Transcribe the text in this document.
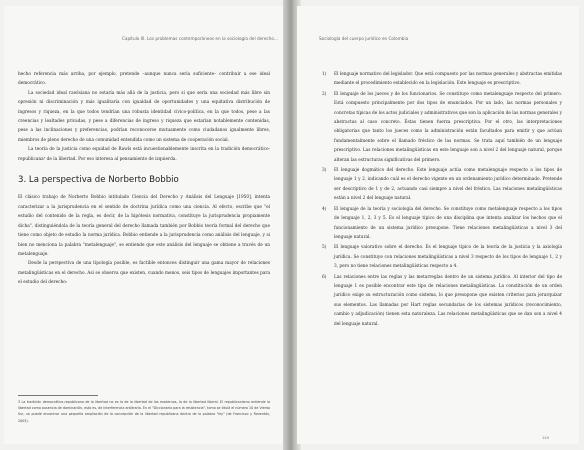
Capítulo III. Los problemas contemporáneos en la sociología del derecho…

hecho referencia más arriba, por ejemplo, pretende –aunque nunca sería suficiente– contribuir a ese ideal democrático.

La sociedad ideal rawlsiana no estaría más allá de la justicia, pero sí que sería una sociedad más libre sin opresión ni discriminación y más igualitaria con igualdad de oportunidades y una equitativa distribución de ingresos y riqueza, en la que todos tendrían una robusta identidad cívico-política, en la que todos, pese a las creencias y lealtades privadas, y pese a diferencias de ingreso y riqueza que estarían notablemente contenidas, pese a las inclinaciones y preferencias, podrían reconocerse mutuamente como ciudadanos igualmente libres, miembros de pleno derecho de una comunidad entendida como un sistema de cooperación social.

La teoría de la justicia como equidad de Rawls está incuestionablemente inscrita en la tradición democrático-republicana³ de la libertad. Por eso interesa al pensamiento de izquierda.

3. La perspectiva de Norberto Bobbio

El clásico trabajo de Norberto Bobbio intitulado Ciencia del Derecho y Análisis del Lenguaje [1950], intenta caracterizar a la jurisprudencia en el sentido de doctrina jurídica como una ciencia. Al efecto, escribe que "el estudio del contenido de la regla, es decir, de la hipótesis normativa, constituye la jurisprudencia propiamente dicha", distinguiéndola de la teoría general del derecho llamada también por Bobbio teoría formal del derecho que tiene como objeto de estudio la norma jurídica. Bobbio entiende a la jurisprudencia como análisis del lenguaje, y si bien no menciona la palabra "metalenguaje", se entiende que este análisis del lenguaje se obtiene a través de un metalenguaje.

Desde la perspectiva de una tipología posible, es factible entonces distinguir una gama mayor de relaciones metalingüísticas en el derecho. Así se observa que existen, cuando menos, seis tipos de lenguajes importantes para el estudio del derecho:

3 La tradición democrático-republicana de la libertad no es la de la libertad de los modernos, la de la libertad liberal. El republicanismo entiende la libertad como ausencia de dominación, esto es, de interferencia arbitraria. En el "Diccionario para la resistencia", tomo se titulá el número 10 de Viento Sur, se puede encontrar una pequeña ampliación de la concepción de la libertad republicana dentro de la palabra "ley" (de Francisco y Raventós, 2003).
Sociología del cuerpo jurídico en Colombia
1) El lenguaje normativo del legislador. Que está compuesto por las normas generales y abstractas emitidas mediante el procedimiento establecido en la legislación. Este lenguaje es prescriptivo.
2) El lenguaje de los jueces y de los funcionarios. Se constituye como metalenguaje respecto del primero. Está compuesto principalmente por dos tipos de enunciados. Por un lado, las normas personales y concretas típicas de los actos judiciales y administrativos que son la aplicación de las normas generales y abstractas al caso concreto. Éstas tienen fuerza prescriptiva. Por el otro, las interpretaciones obligatorias que tanto los jueces como la administración están facultados para emitir y que actúan fundamentalmente sobre el llamado fréstico de las normas. Se trata aquí también de un lenguaje prescriptivo. Las relaciones metalingüísticas en este lenguaje son a nivel 2 del lenguaje natural, porque alteran las estructuras significativas del primero.
3) El lenguaje dogmático del derecho. Este lenguaje actúa como metalenguaje respecto a los tipos de lenguaje 1 y 2, indicando cuál es el derecho vigente en un ordenamiento jurídico determinado. Pretende ser descriptivo de 1 y de 2, actuando casi siempre a nivel del fréstico. Las relaciones metalingüísticas están a nivel 2 del lenguaje natural.
4) El lenguaje de la teoría y sociología del derecho. Se constituye como metalenguaje respecto a los tipos de lenguaje 1, 2, 3 y 5. Es el lenguaje típico de una disciplina que intenta analizar los hechos que el funcionamiento de un sistema jurídico presupone. Tiene relaciones metalingüísticas a nivel 3 del lenguaje natural.
5) El lenguaje valorativo sobre el derecho. Es el lenguaje típico de la teoría de la justicia y la axiología jurídica. Se constituye con relaciones metalingüísticas a nivel 3 respecto de los tipos de lenguaje 1, 2 y 3, pero no tiene relaciones metalingüísticas respecto a 4.
6) Las relaciones entre las reglas y las metarreglas dentro de un sistema jurídico. Al interior del tipo de lenguaje 1 es posible encontrar este tipo de relaciones metalingüísticas. La constitución de un orden jurídico exige su estructuración como sistema, lo que presupone que existen criterios para jerarquizar sus elementos. Las llamadas por Hart reglas secundarias de los sistemas jurídicos (reconocimiento, cambio y adjudicación) tienen esta naturaleza. Las relaciones metalingüísticas que se dan son a nivel 4 del lenguaje natural.
149
